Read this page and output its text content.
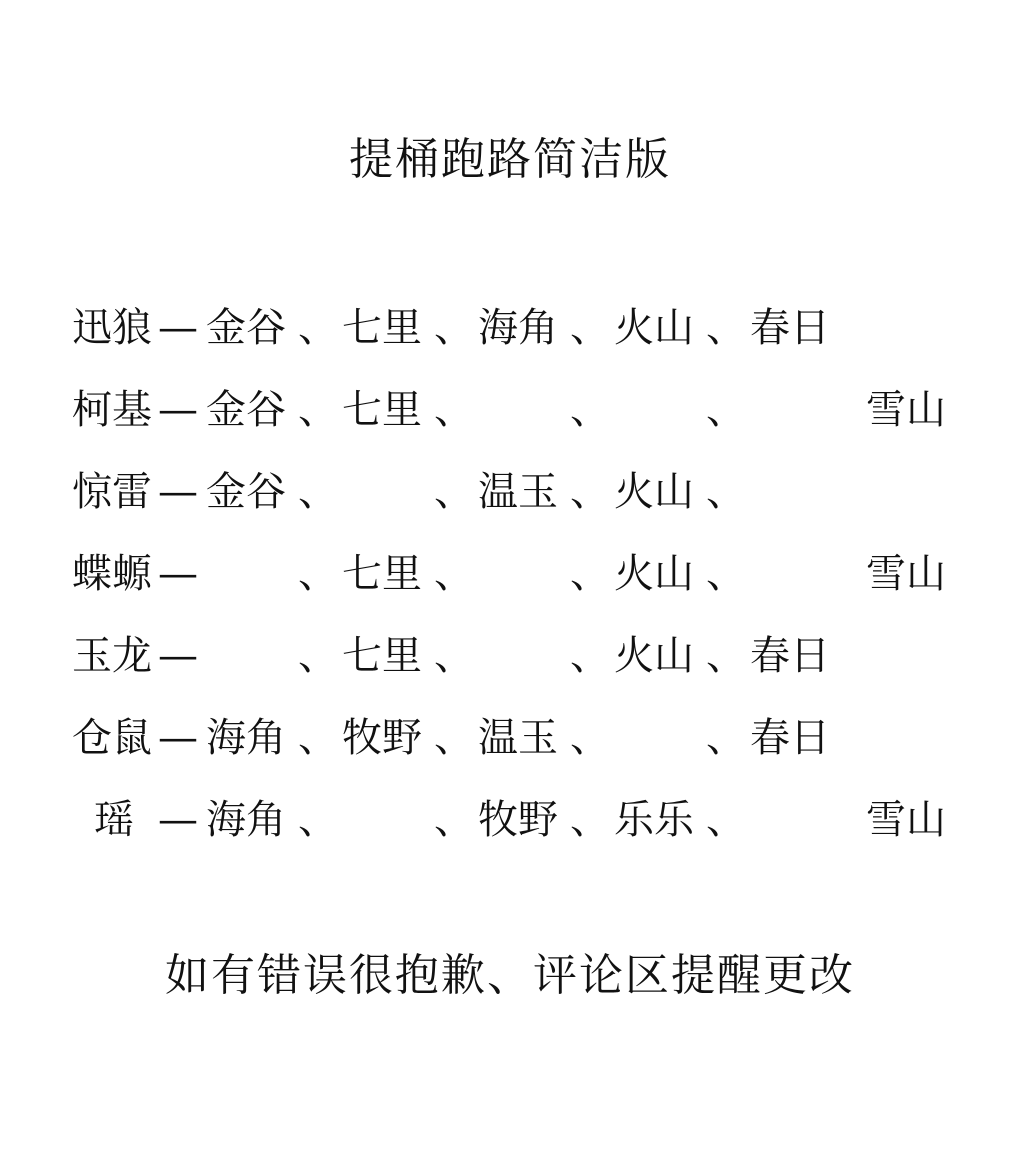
提桶跑路简洁版
迅狼 — 金谷 、 七里 、 海角 、 火山 、 春日
柯基 — 金谷 、 七里 、 、 、	雪山
惊雷 — 金谷 、 、 温玉 、 火山 、
蝶螈 —	、 七里 、 、 火山 、	雪山
玉龙 —	、 七里 、 、 火山 、 春日
仓鼠 — 海角 、 牧野 、 温玉 、 、 春日
瑶 — 海角 、 、 牧野 、 乐乐 、	雪山
如有错误很抱歉、评论区提醒更改
